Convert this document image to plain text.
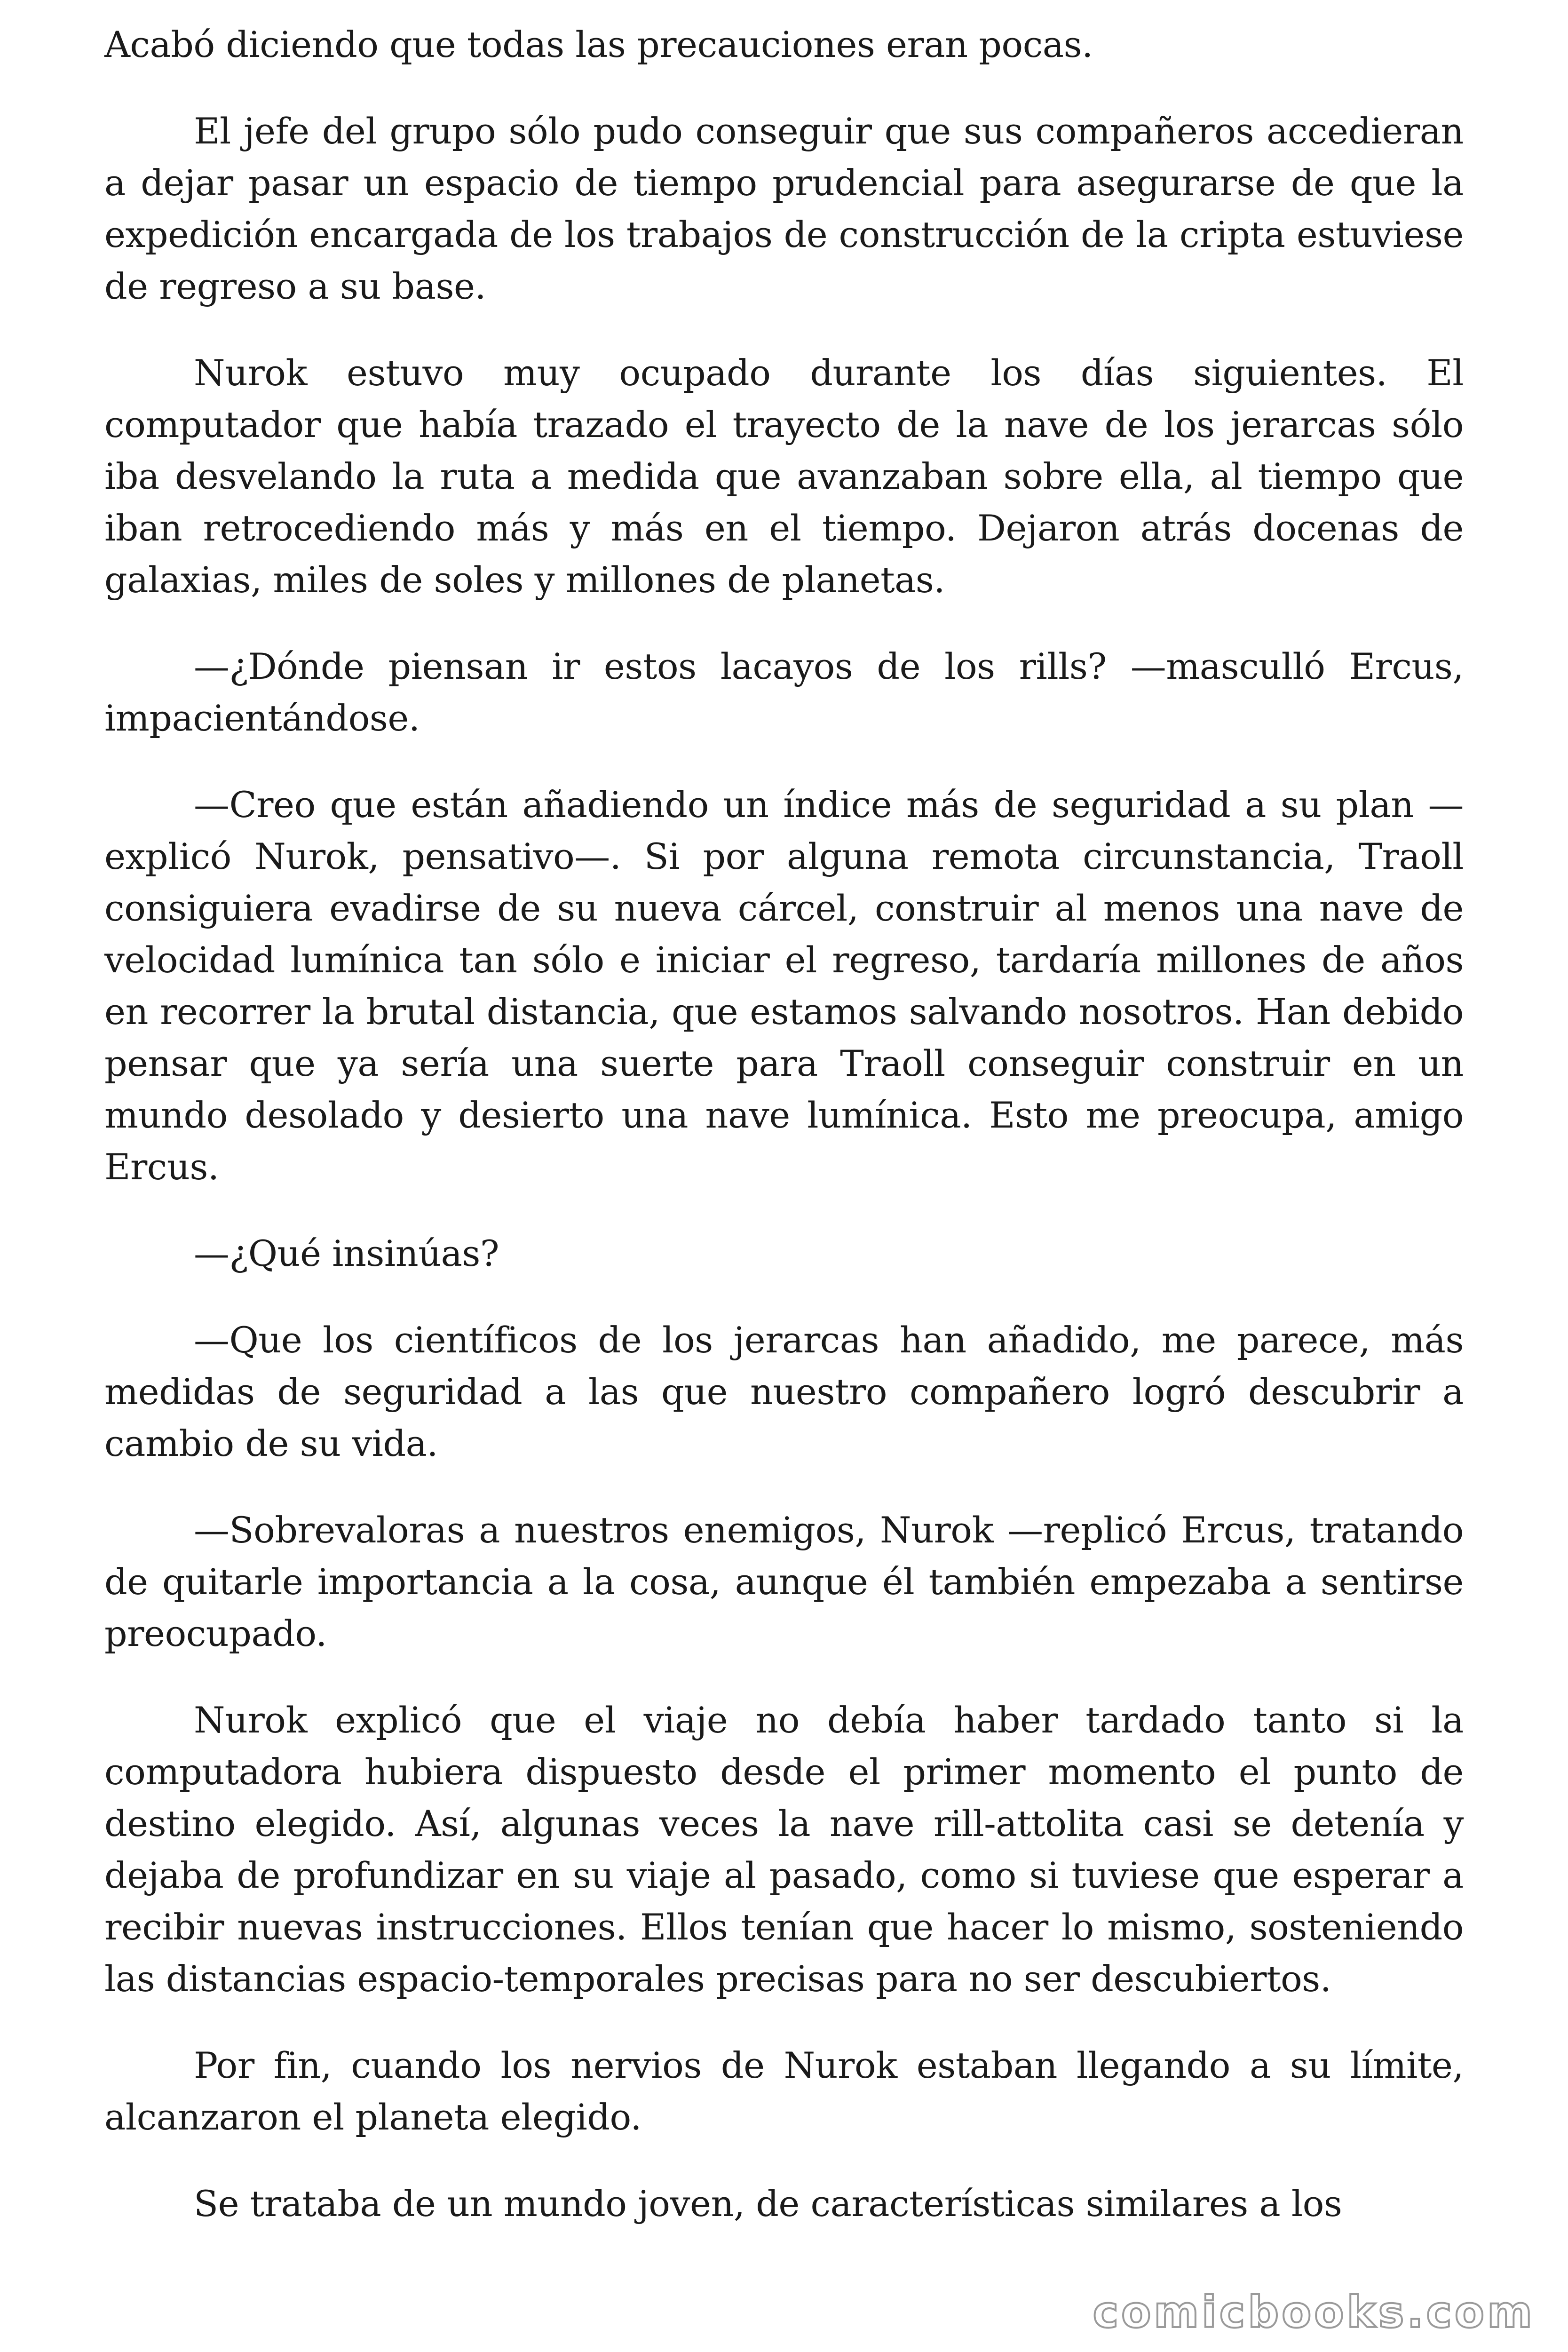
Acabó diciendo que todas las precauciones eran pocas.

El jefe del grupo sólo pudo conseguir que sus compañeros accedieran a dejar pasar un espacio de tiempo prudencial para asegurarse de que la expedición encargada de los trabajos de construcción de la cripta estuviese de regreso a su base.

Nurok estuvo muy ocupado durante los días siguientes. El computador que había trazado el trayecto de la nave de los jerarcas sólo iba desvelando la ruta a medida que avanzaban sobre ella, al tiempo que iban retrocediendo más y más en el tiempo. Dejaron atrás docenas de galaxias, miles de soles y millones de planetas.

—¿Dónde piensan ir estos lacayos de los rills? —masculló Ercus, impacientándose.

—Creo que están añadiendo un índice más de seguridad a su plan —explicó Nurok, pensativo—. Si por alguna remota circunstancia, Traoll consiguiera evadirse de su nueva cárcel, construir al menos una nave de velocidad lumínica tan sólo e iniciar el regreso, tardaría millones de años en recorrer la brutal distancia, que estamos salvando nosotros. Han debido pensar que ya sería una suerte para Traoll conseguir construir en un mundo desolado y desierto una nave lumínica. Esto me preocupa, amigo Ercus.

—¿Qué insinúas?

—Que los científicos de los jerarcas han añadido, me parece, más medidas de seguridad a las que nuestro compañero logró descubrir a cambio de su vida.

—Sobrevaloras a nuestros enemigos, Nurok —replicó Ercus, tratando de quitarle importancia a la cosa, aunque él también empezaba a sentirse preocupado.

Nurok explicó que el viaje no debía haber tardado tanto si la computadora hubiera dispuesto desde el primer momento el punto de destino elegido. Así, algunas veces la nave rill-attolita casi se detenía y dejaba de profundizar en su viaje al pasado, como si tuviese que esperar a recibir nuevas instrucciones. Ellos tenían que hacer lo mismo, sosteniendo las distancias espacio-temporales precisas para no ser descubiertos.

Por fin, cuando los nervios de Nurok estaban llegando a su límite, alcanzaron el planeta elegido.

Se trataba de un mundo joven, de características similares a los

comicbooks.com
